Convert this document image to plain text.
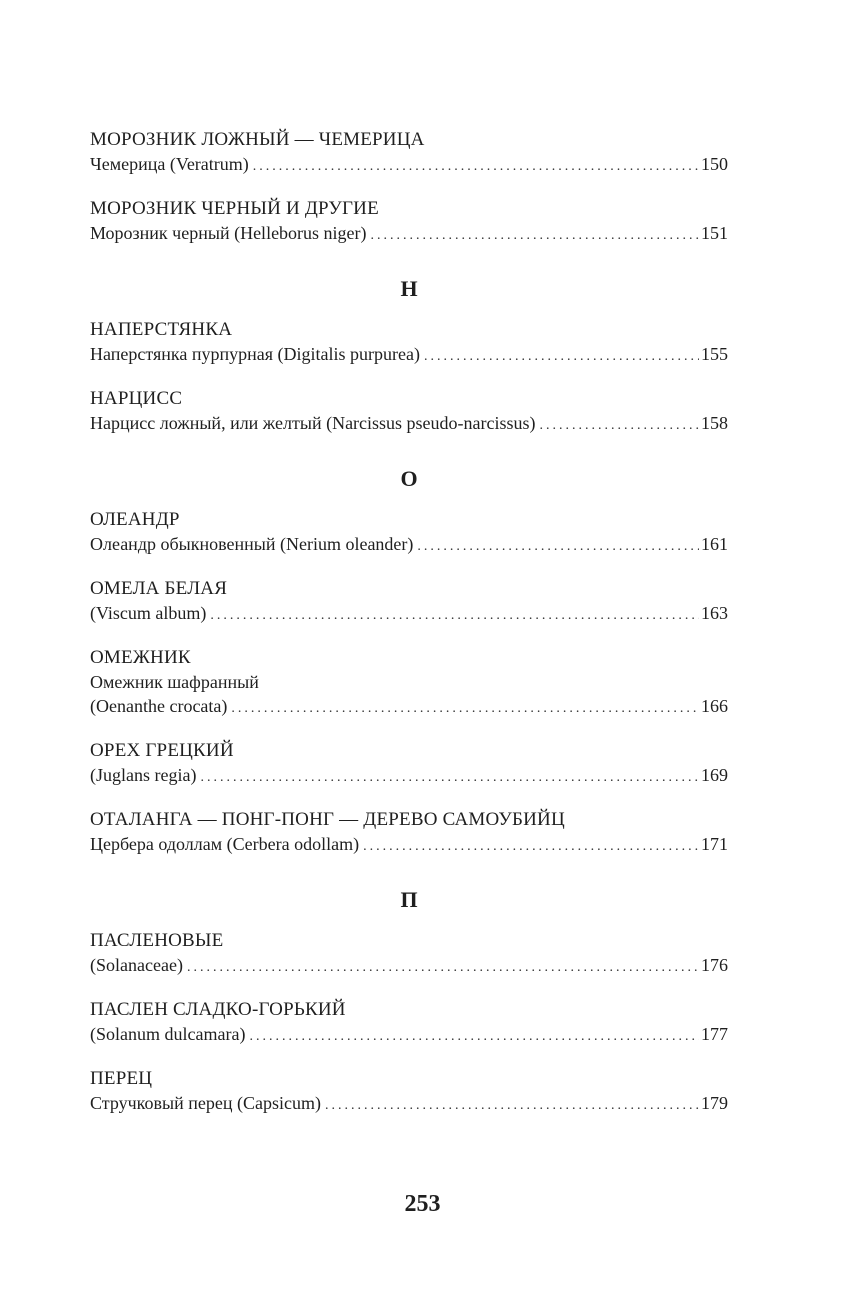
МОРОЗНИК ЛОЖНЫЙ — ЧЕМЕРИЦА
Чемерица (Veratrum) .....	150
МОРОЗНИК ЧЕРНЫЙ И ДРУГИЕ
Морозник черный (Helleborus niger) .....	151
Н
НАПЕРСТЯНКА
Наперстянка пурпурная (Digitalis purpurea) .....	155
НАРЦИСС
Нарцисс ложный, или желтый (Narcissus pseudo-narcissus) .....	158
О
ОЛЕАНДР
Олеандр обыкновенный (Nerium oleander) .....	161
ОМЕЛА БЕЛАЯ
(Viscum album) .....	163
ОМЕЖНИК
Омежник шафранный
(Oenanthe crocata) .....	166
ОРЕХ ГРЕЦКИЙ
(Juglans regia) .....	169
ОТАЛАНГА — ПОНГ-ПОНГ — ДЕРЕВО САМОУБИЙЦ
Цербера одоллам (Cerbera odollam) .....	171
П
ПАСЛЕНОВЫЕ
(Solanaceae) .....	176
ПАСЛЕН СЛАДКО-ГОРЬКИЙ
(Solanum dulcamara) .....	177
ПЕРЕЦ
Стручковый перец (Capsicum) .....	179
253
